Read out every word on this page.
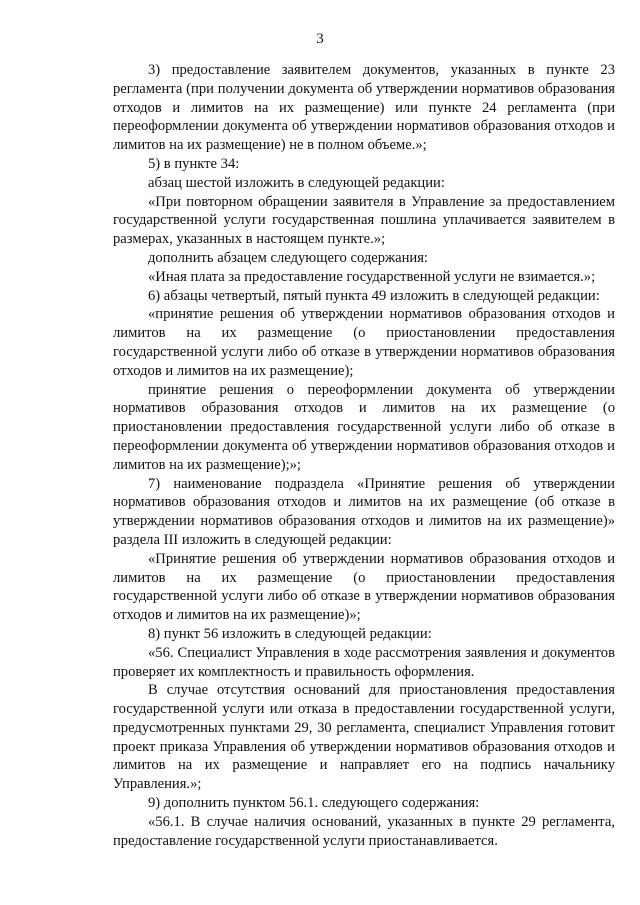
3

3) предоставление заявителем документов, указанных в пункте 23 регламента (при получении документа об утверждении нормативов образования отходов и лимитов на их размещение) или пункте 24 регламента (при переоформлении документа об утверждении нормативов образования отходов и лимитов на их размещение) не в полном объеме.»;

5) в пункте 34:

абзац шестой изложить в следующей редакции:

«При повторном обращении заявителя в Управление за предоставлением государственной услуги государственная пошлина уплачивается заявителем в размерах, указанных в настоящем пункте.»;

дополнить абзацем следующего содержания:

«Иная плата за предоставление государственной услуги не взимается.»;

6) абзацы четвертый, пятый пункта 49 изложить в следующей редакции:

«принятие решения об утверждении нормативов образования отходов и лимитов на их размещение (о приостановлении предоставления государственной услуги либо об отказе в утверждении нормативов образования отходов и лимитов на их размещение);

принятие решения о переоформлении документа об утверждении нормативов образования отходов и лимитов на их размещение (о приостановлении предоставления государственной услуги либо об отказе в переоформлении документа об утверждении нормативов образования отходов и лимитов на их размещение);»;

7) наименование подраздела «Принятие решения об утверждении нормативов образования отходов и лимитов на их размещение (об отказе в утверждении нормативов образования отходов и лимитов на их размещение)» раздела III изложить в следующей редакции:

«Принятие решения об утверждении нормативов образования отходов и лимитов на их размещение (о приостановлении предоставления государственной услуги либо об отказе в утверждении нормативов образования отходов и лимитов на их размещение)»;

8) пункт 56 изложить в следующей редакции:

«56. Специалист Управления в ходе рассмотрения заявления и документов проверяет их комплектность и правильность оформления.

В случае отсутствия оснований для приостановления предоставления государственной услуги или отказа в предоставлении государственной услуги, предусмотренных пунктами 29, 30 регламента, специалист Управления готовит проект приказа Управления об утверждении нормативов образования отходов и лимитов на их размещение и направляет его на подпись начальнику Управления.»;

9) дополнить пунктом 56.1. следующего содержания:

«56.1. В случае наличия оснований, указанных в пункте 29 регламента, предоставление государственной услуги приостанавливается.
